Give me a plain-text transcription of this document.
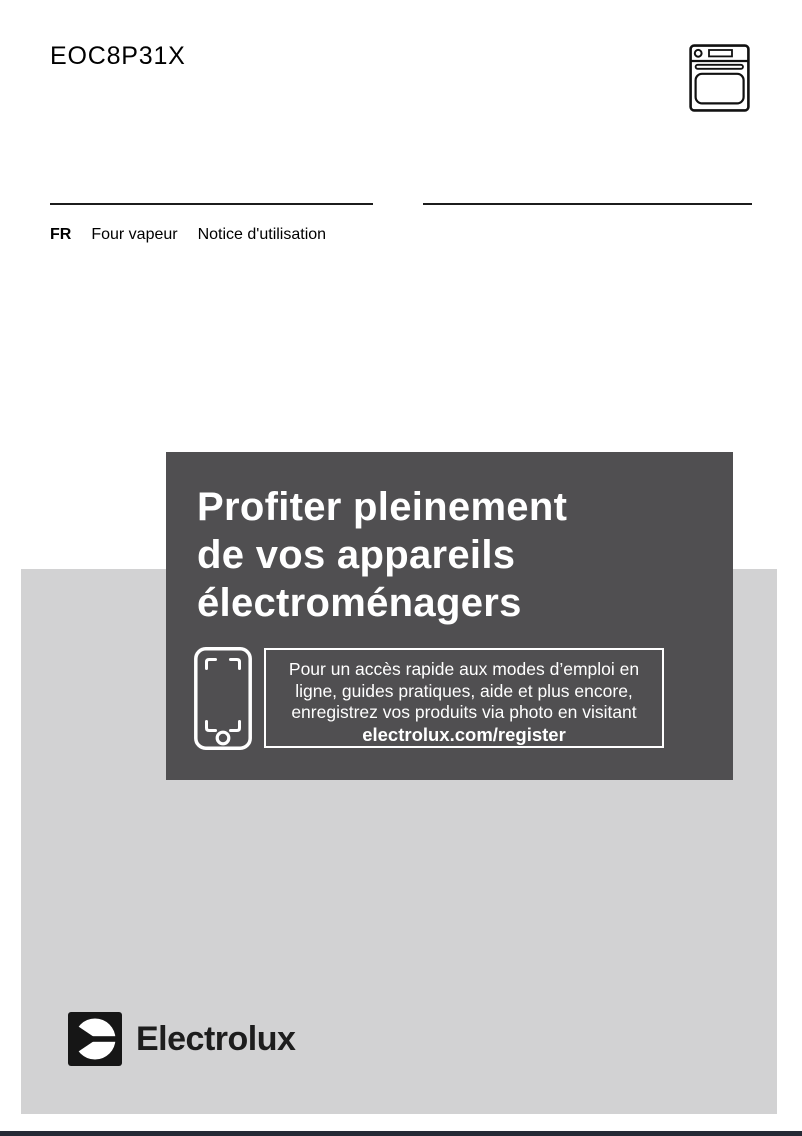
EOC8P31X
FR Four vapeur Notice d'utilisation
Profiter pleinement
de vos appareils
électroménagers
Pour un accès rapide aux modes d’emploi en
ligne, guides pratiques, aide et plus encore,
enregistrez vos produits via photo en visitant
electrolux.com/register
Electrolux
